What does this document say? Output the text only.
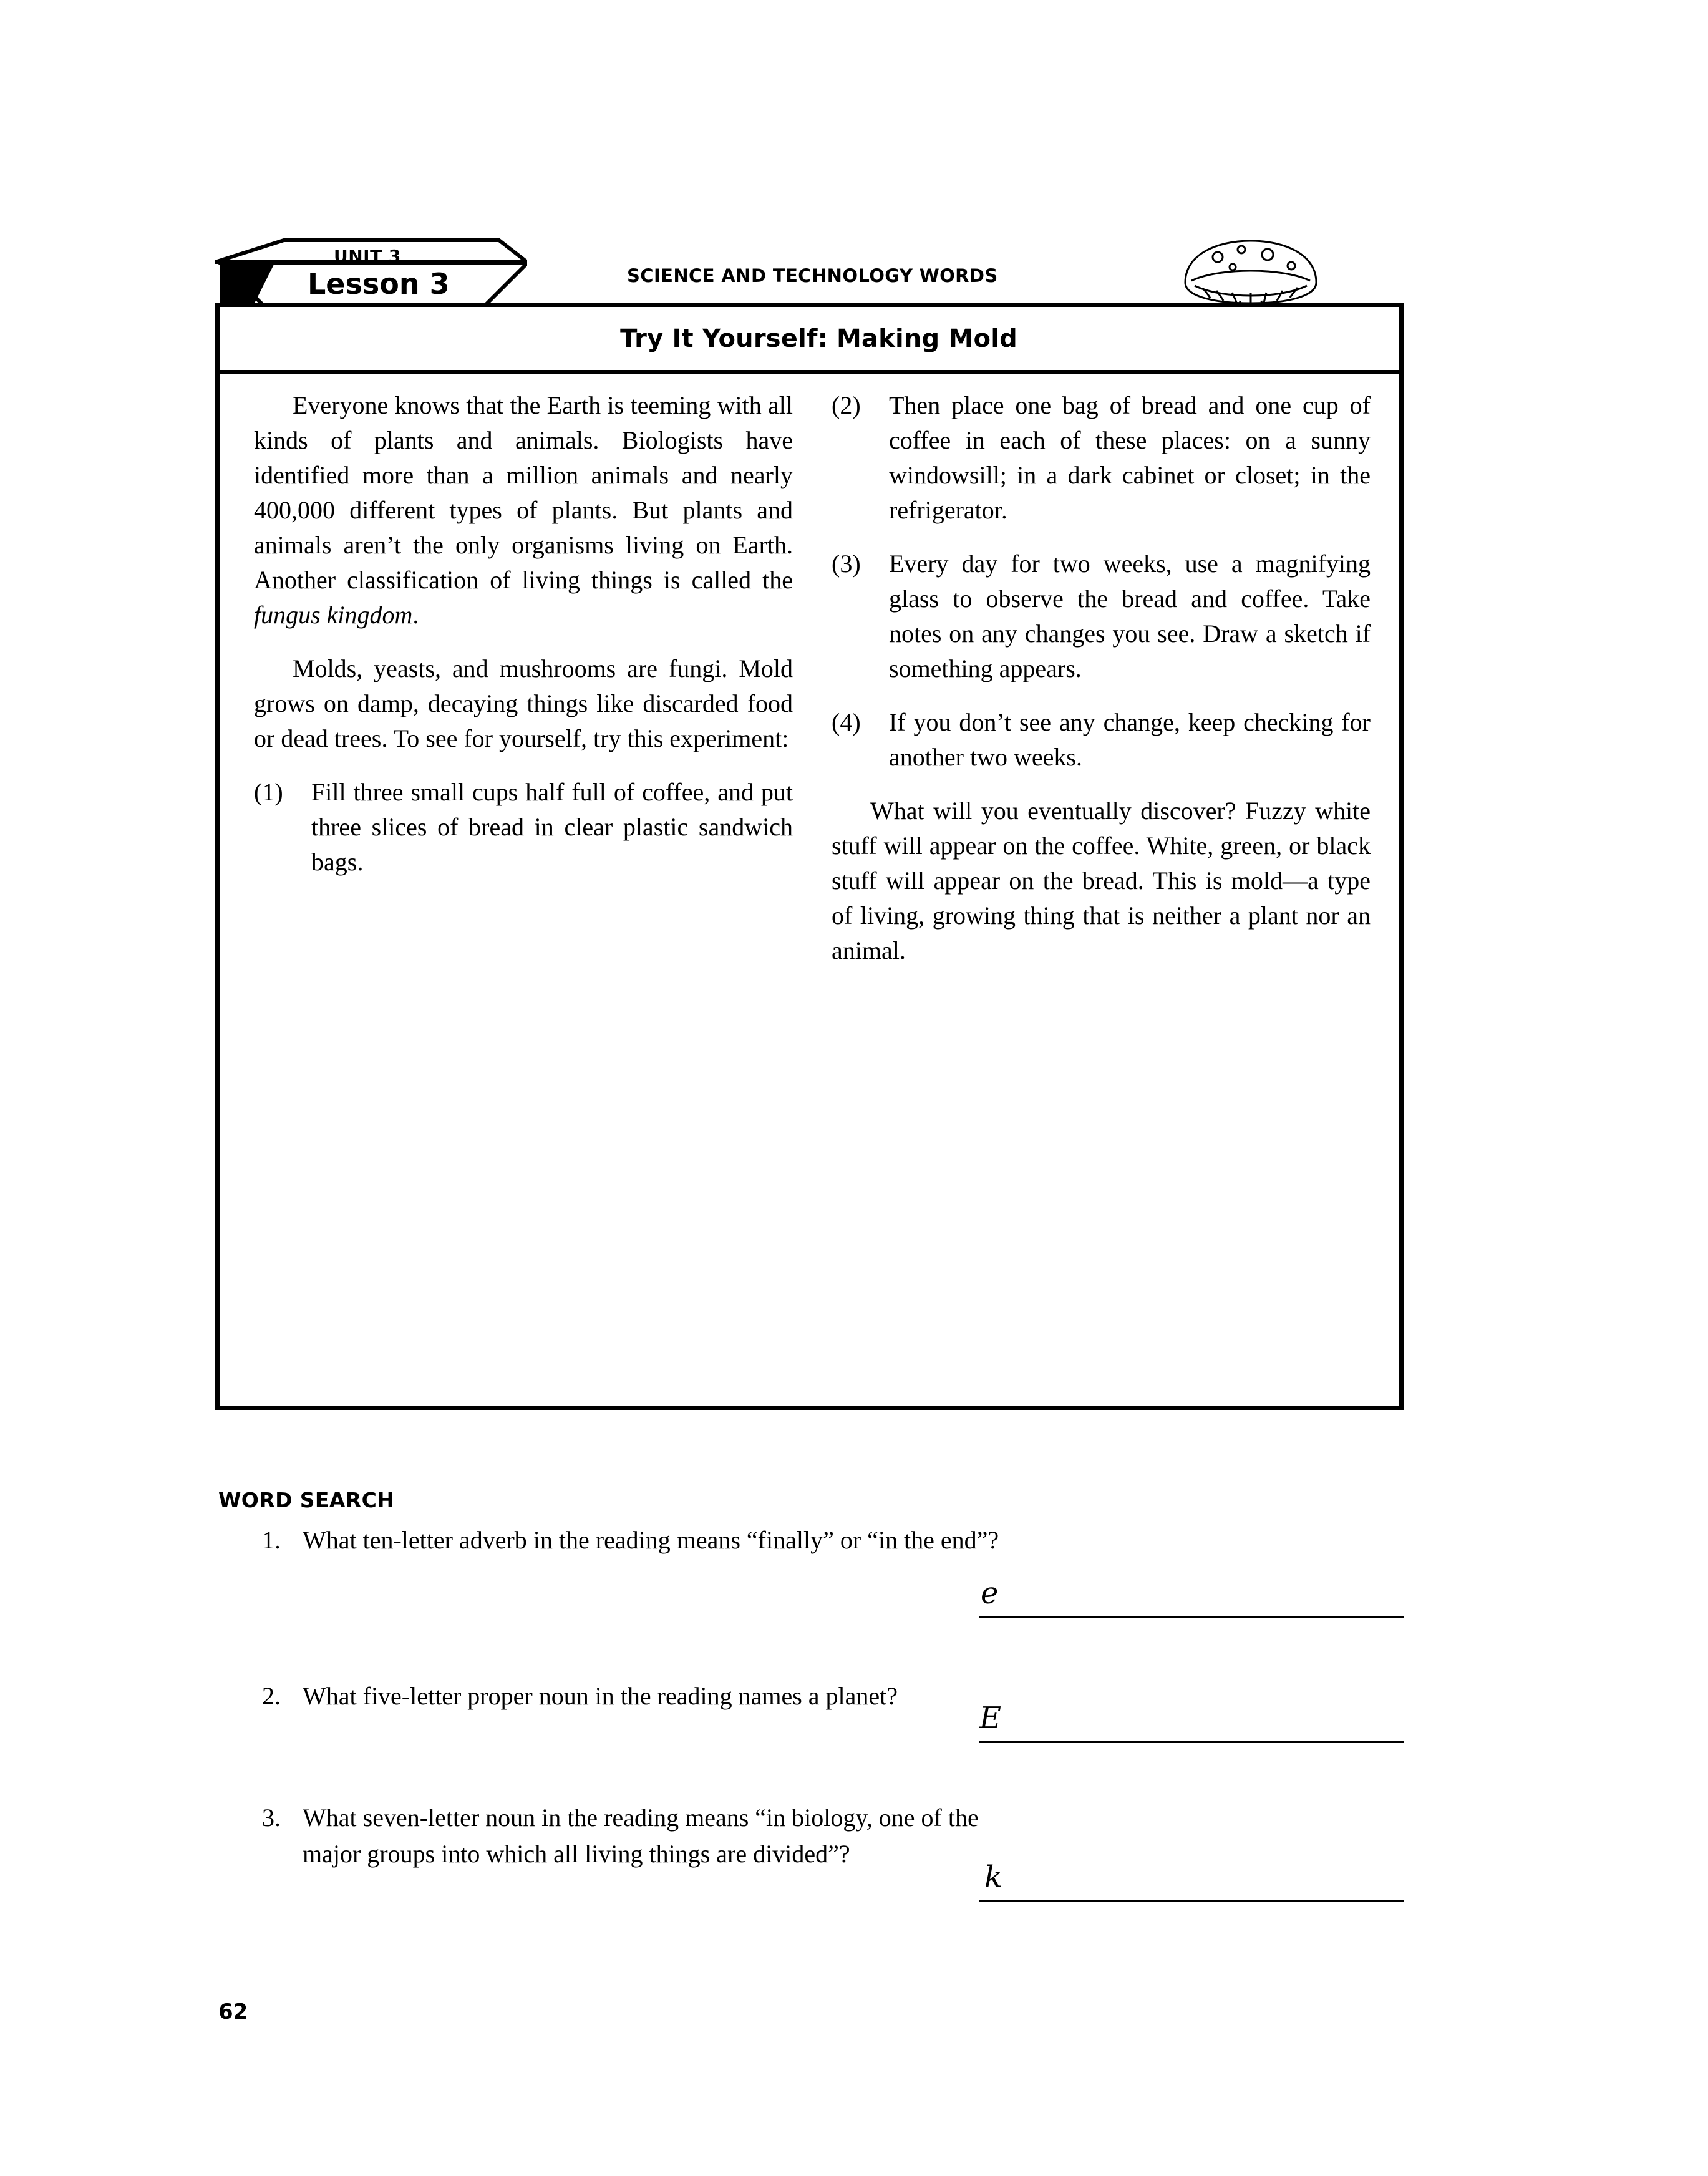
UNIT 3
Lesson 3	SCIENCE AND TECHNOLOGY WORDS
Try It Yourself: Making Mold

Everyone knows that the Earth is teeming with all kinds of plants and animals. Biologists have identified more than a million animals and nearly 400,000 different types of plants. But plants and animals aren’t the only organisms living on Earth. Another classification of living things is called the fungus kingdom.

Molds, yeasts, and mushrooms are fungi. Mold grows on damp, decaying things like discarded food or dead trees. To see for yourself, try this experiment:

(1)	Fill three small cups half full of coffee, and put three slices of bread in clear plastic sandwich bags.
(2)	Then place one bag of bread and one cup of coffee in each of these places: on a sunny windowsill; in a dark cabinet or closet; in the refrigerator.
(3)	Every day for two weeks, use a magnifying glass to observe the bread and coffee. Take notes on any changes you see. Draw a sketch if something appears.
(4)	If you don’t see any change, keep checking for another two weeks.

What will you eventually discover? Fuzzy white stuff will appear on the coffee. White, green, or black stuff will appear on the bread. This is mold—a type of living, growing thing that is neither a plant nor an animal.

WORD SEARCH
1. What ten-letter adverb in the reading means “finally” or “in the end”?
e
2. What five-letter proper noun in the reading names a planet?
E
3. What seven-letter noun in the reading means “in biology, one of the major groups into which all living things are divided”?
k
62
